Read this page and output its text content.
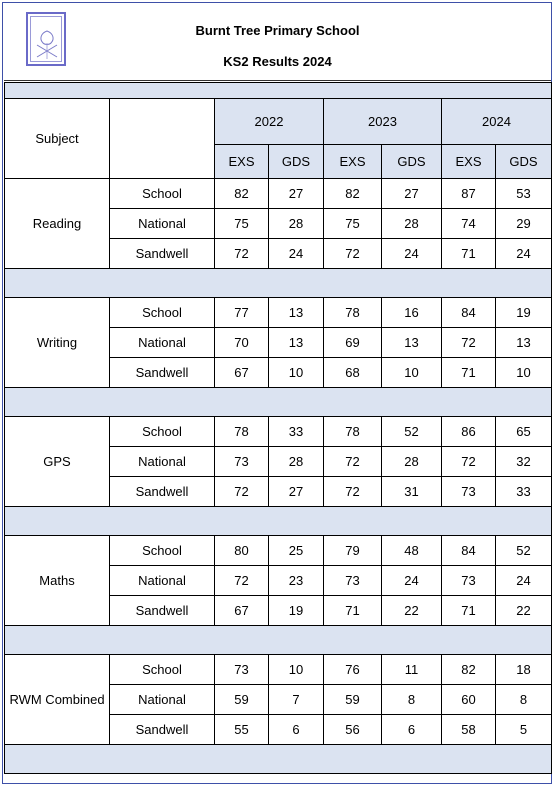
Burnt Tree Primary School
KS2 Results 2024

Subject		2022		2023		2024	
		EXS	GDS	EXS	GDS	EXS	GDS
Reading	School	82	27	82	27	87	53
	National	75	28	75	28	74	29
	Sandwell	72	24	72	24	71	24

Writing	School	77	13	78	16	84	19
	National	70	13	69	13	72	13
	Sandwell	67	10	68	10	71	10

GPS	School	78	33	78	52	86	65
	National	73	28	72	28	72	32
	Sandwell	72	27	72	31	73	33

Maths	School	80	25	79	48	84	52
	National	72	23	73	24	73	24
	Sandwell	67	19	71	22	71	22

RWM Combined	School	73	10	76	11	82	18
	National	59	7	59	8	60	8
	Sandwell	55	6	56	6	58	5
